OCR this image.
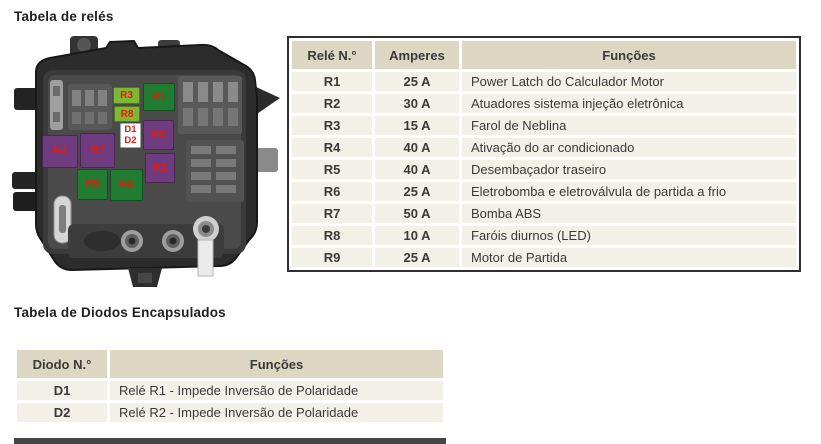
Tabela de relés
R3
R8
R1
R5
R4	R7
R2
R9	R6
D1
D2
Relé N.°	Amperes	Funções
R1	25 A	Power Latch do Calculador Motor
R2	30 A	Atuadores sistema injeção eletrônica
R3	15 A	Farol de Neblina
R4	40 A	Ativação do ar condicionado
R5	40 A	Desembaçador traseiro
R6	25 A	Eletrobomba e eletroválvula de partida a frio
R7	50 A	Bomba ABS
R8	10 A	Faróis diurnos (LED)
R9	25 A	Motor de Partida
Tabela de Diodos Encapsulados
Diodo N.°	Funções
D1	Relé R1 - Impede Inversão de Polaridade
D2	Relé R2 - Impede Inversão de Polaridade
